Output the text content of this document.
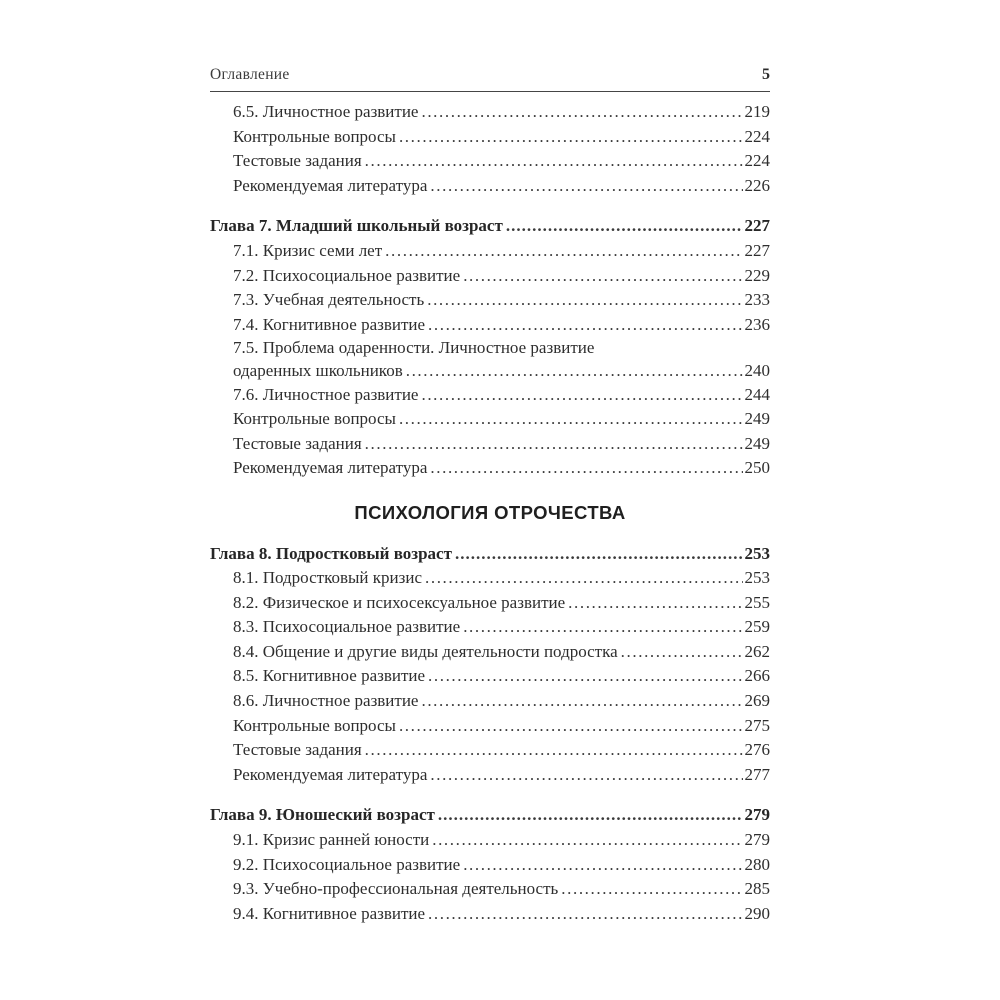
Оглавление	5
6.5. Личностное развитие .....	219
Контрольные вопросы .....	224
Тестовые задания .....	224
Рекомендуемая литература .....	226
Глава 7. Младший школьный возраст .....	227
7.1. Кризис семи лет .....	227
7.2. Психосоциальное развитие .....	229
7.3. Учебная деятельность .....	233
7.4. Когнитивное развитие .....	236
7.5. Проблема одаренности. Личностное развитие
одаренных школьников .....	240
7.6. Личностное развитие .....	244
Контрольные вопросы .....	249
Тестовые задания .....	249
Рекомендуемая литература .....	250
ПСИХОЛОГИЯ ОТРОЧЕСТВА
Глава 8. Подростковый возраст .....	253
8.1. Подростковый кризис .....	253
8.2. Физическое и психосексуальное развитие .....	255
8.3. Психосоциальное развитие .....	259
8.4. Общение и другие виды деятельности подростка .....	262
8.5. Когнитивное развитие .....	266
8.6. Личностное развитие .....	269
Контрольные вопросы .....	275
Тестовые задания .....	276
Рекомендуемая литература .....	277
Глава 9. Юношеский возраст .....	279
9.1. Кризис ранней юности .....	279
9.2. Психосоциальное развитие .....	280
9.3. Учебно-профессиональная деятельность .....	285
9.4. Когнитивное развитие .....	290
